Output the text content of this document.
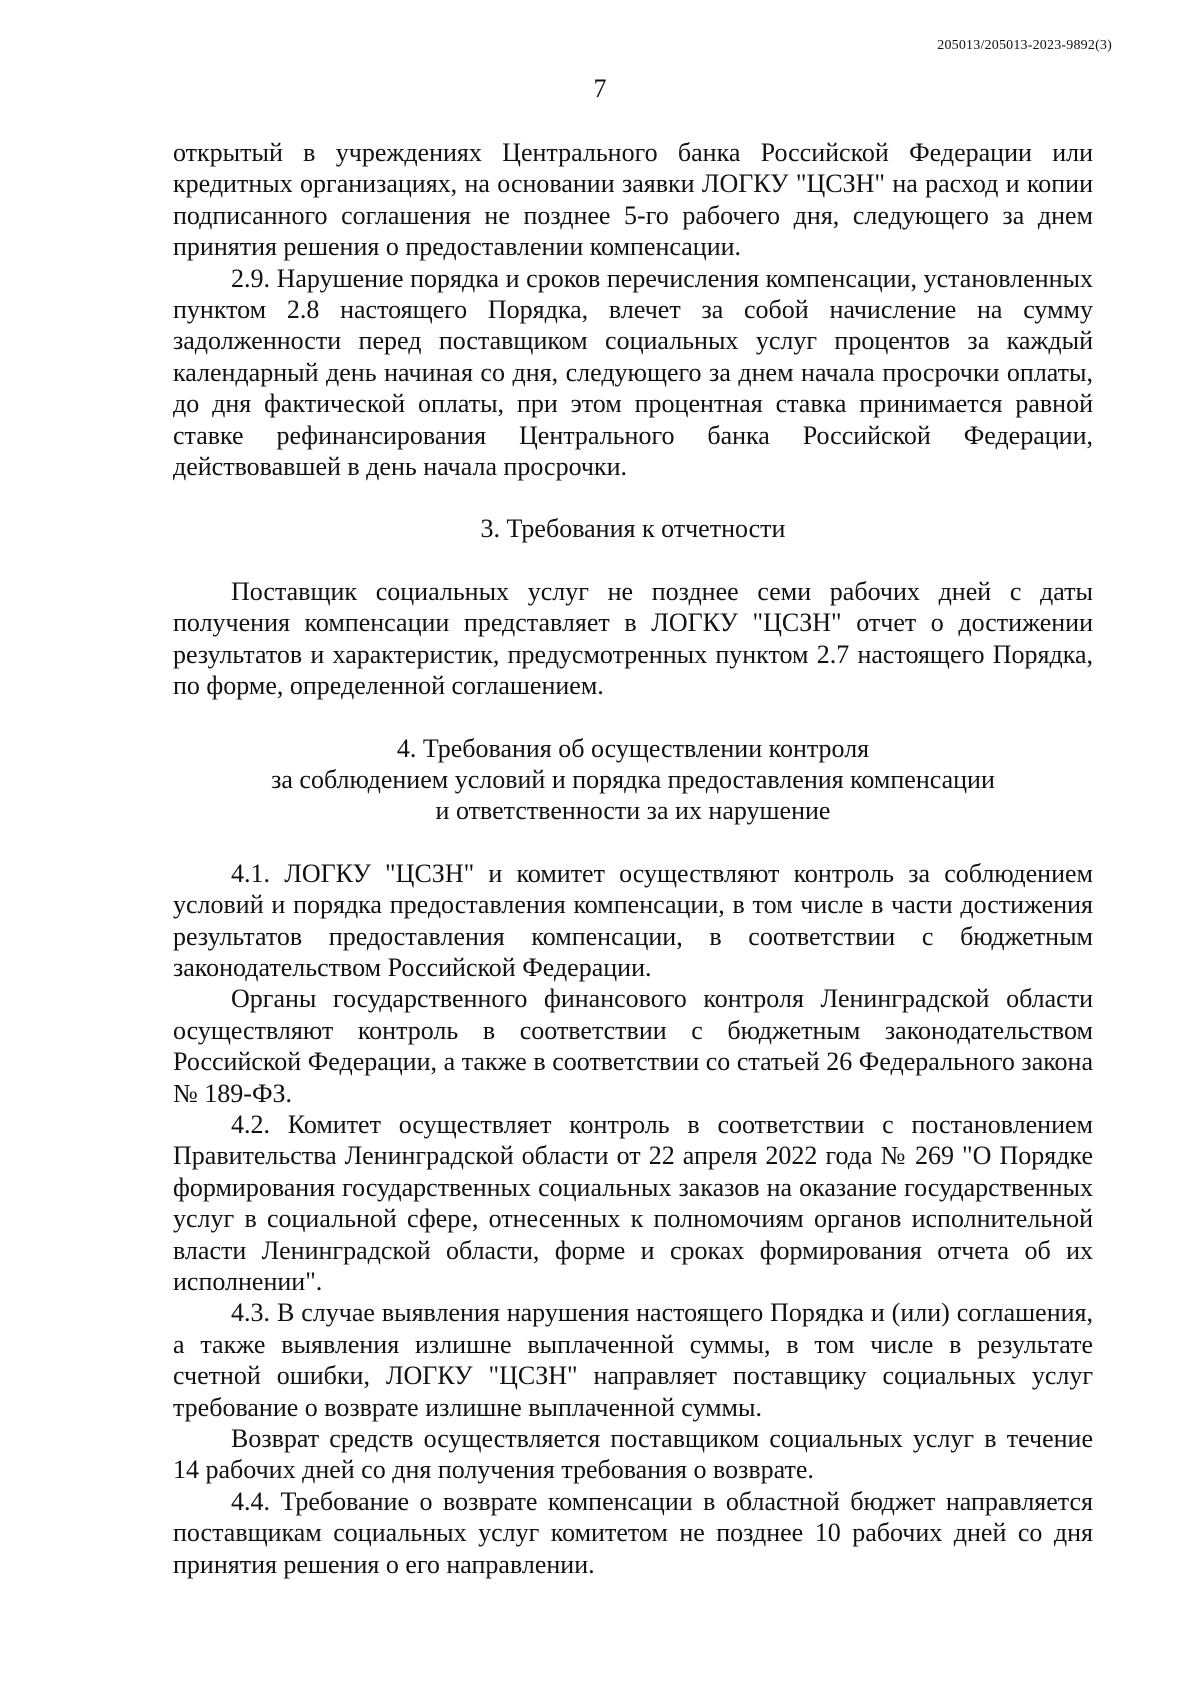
205013/205013-2023-9892(3)
7

открытый в учреждениях Центрального банка Российской Федерации или кредитных организациях, на основании заявки ЛОГКУ "ЦСЗН" на расход и копии подписанного соглашения не позднее 5-го рабочего дня, следующего за днем принятия решения о предоставлении компенсации.

2.9. Нарушение порядка и сроков перечисления компенсации, установленных пунктом 2.8 настоящего Порядка, влечет за собой начисление на сумму задолженности перед поставщиком социальных услуг процентов за каждый календарный день начиная со дня, следующего за днем начала просрочки оплаты, до дня фактической оплаты, при этом процентная ставка принимается равной ставке рефинансирования Центрального банка Российской Федерации, действовавшей в день начала просрочки.

3. Требования к отчетности

Поставщик социальных услуг не позднее семи рабочих дней с даты получения компенсации представляет в ЛОГКУ "ЦСЗН" отчет о достижении результатов и характеристик, предусмотренных пунктом 2.7 настоящего Порядка, по форме, определенной соглашением.

4. Требования об осуществлении контроля

за соблюдением условий и порядка предоставления компенсации

и ответственности за их нарушение

4.1. ЛОГКУ "ЦСЗН" и комитет осуществляют контроль за соблюдением условий и порядка предоставления компенсации, в том числе в части достижения результатов предоставления компенсации, в соответствии с бюджетным законодательством Российской Федерации.

Органы государственного финансового контроля Ленинградской области осуществляют контроль в соответствии с бюджетным законодательством Российской Федерации, а также в соответствии со статьей 26 Федерального закона № 189-ФЗ.

4.2. Комитет осуществляет контроль в соответствии с постановлением Правительства Ленинградской области от 22 апреля 2022 года № 269 "О Порядке формирования государственных социальных заказов на оказание государственных услуг в социальной сфере, отнесенных к полномочиям органов исполнительной власти Ленинградской области, форме и сроках формирования отчета об их исполнении".

4.3. В случае выявления нарушения настоящего Порядка и (или) соглашения, а также выявления излишне выплаченной суммы, в том числе в результате счетной ошибки, ЛОГКУ "ЦСЗН" направляет поставщику социальных услуг требование о возврате излишне выплаченной суммы.

Возврат средств осуществляется поставщиком социальных услуг в течение 14 рабочих дней со дня получения требования о возврате.

4.4. Требование о возврате компенсации в областной бюджет направляется поставщикам социальных услуг комитетом не позднее 10 рабочих дней со дня принятия решения о его направлении.
